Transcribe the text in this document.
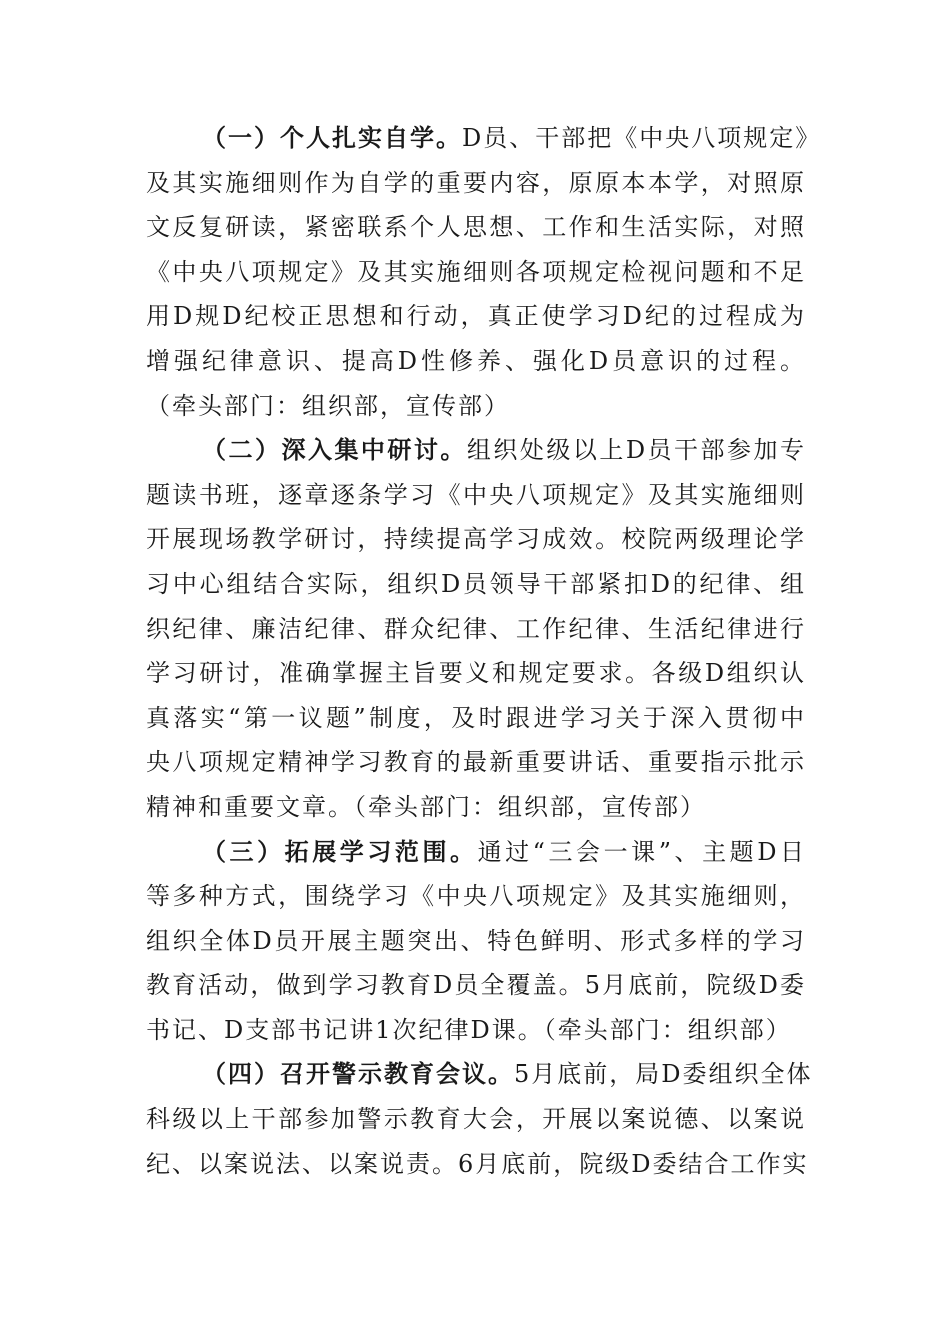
（一）个人扎实自学。D员、干部把《中央八项规定》
及其实施细则作为自学的重要内容，原原本本学，对照原
文反复研读，紧密联系个人思想、工作和生活实际，对照
《中央八项规定》及其实施细则各项规定检视问题和不足
用D规D纪校正思想和行动，真正使学习D纪的过程成为
增强纪律意识、提高D性修养、强化D员意识的过程。
（牵头部门：组织部，宣传部）
（二）深入集中研讨。组织处级以上D员干部参加专
题读书班，逐章逐条学习《中央八项规定》及其实施细则
开展现场教学研讨，持续提高学习成效。校院两级理论学
习中心组结合实际，组织D员领导干部紧扣D的纪律、组
织纪律、廉洁纪律、群众纪律、工作纪律、生活纪律进行
学习研讨，准确掌握主旨要义和规定要求。各级D组织认
真落实“第一议题”制度，及时跟进学习关于深入贯彻中
央八项规定精神学习教育的最新重要讲话、重要指示批示
精神和重要文章。（牵头部门：组织部，宣传部）
（三）拓展学习范围。通过“三会一课”、主题D日
等多种方式，围绕学习《中央八项规定》及其实施细则，
组织全体D员开展主题突出、特色鲜明、形式多样的学习
教育活动，做到学习教育D员全覆盖。5月底前，院级D委
书记、D支部书记讲1次纪律D课。（牵头部门：组织部）
（四）召开警示教育会议。5月底前，局D委组织全体
科级以上干部参加警示教育大会，开展以案说德、以案说
纪、以案说法、以案说责。6月底前，院级D委结合工作实
